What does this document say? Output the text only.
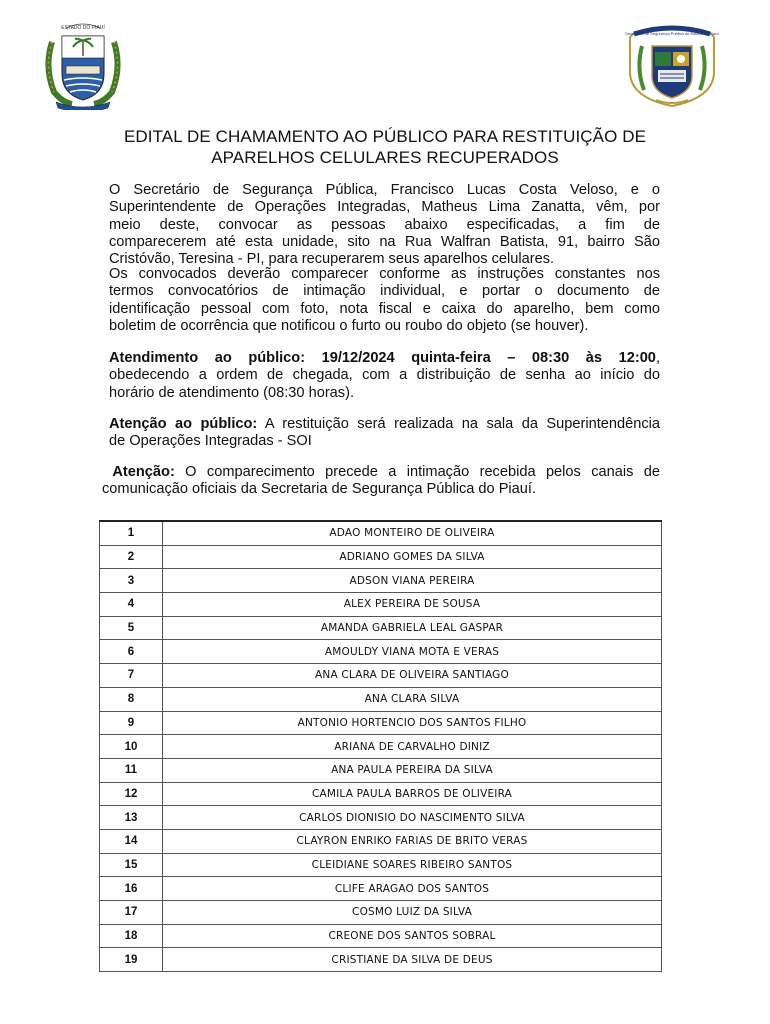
ESTADO DO PIAUÍ
Secretaria de Segurança Pública do Estado do Piauí
EDITAL DE CHAMAMENTO AO PÚBLICO PARA RESTITUIÇÃO DE
APARELHOS CELULARES RECUPERADOS
O Secretário de Segurança Pública, Francisco Lucas Costa Veloso, e o
Superintendente de Operações Integradas, Matheus Lima Zanatta, vêm, por
meio deste, convocar as pessoas abaixo especificadas, a fim de
comparecerem até esta unidade, sito na Rua Walfran Batista, 91, bairro São
Cristóvão, Teresina - PI, para recuperarem seus aparelhos celulares.
Os convocados deverão comparecer conforme as instruções constantes nos
termos convocatórios de intimação individual, e portar o documento de
identificação pessoal com foto, nota fiscal e caixa do aparelho, bem como
boletim de ocorrência que notificou o furto ou roubo do objeto (se houver).
Atendimento ao público: 19/12/2024 quinta-feira – 08:30 às 12:00,
obedecendo a ordem de chegada, com a distribuição de senha ao início do
horário de atendimento (08:30 horas).
Atenção ao público: A restituição será realizada na sala da Superintendência
de Operações Integradas - SOI
Atenção: O comparecimento precede a intimação recebida pelos canais de
comunicação oficiais da Secretaria de Segurança Pública do Piauí.
1	ADAO MONTEIRO DE OLIVEIRA
2	ADRIANO GOMES DA SILVA
3	ADSON VIANA PEREIRA
4	ALEX PEREIRA DE SOUSA
5	AMANDA GABRIELA LEAL GASPAR
6	AMOULDY VIANA MOTA E VERAS
7	ANA CLARA DE OLIVEIRA SANTIAGO
8	ANA CLARA SILVA
9	ANTONIO HORTENCIO DOS SANTOS FILHO
10	ARIANA DE CARVALHO DINIZ
11	ANA PAULA PEREIRA DA SILVA
12	CAMILA PAULA BARROS DE OLIVEIRA
13	CARLOS DIONISIO DO NASCIMENTO SILVA
14	CLAYRON ENRIKO FARIAS DE BRITO VERAS
15	CLEIDIANE SOARES RIBEIRO SANTOS
16	CLIFE ARAGAO DOS SANTOS
17	COSMO LUIZ DA SILVA
18	CREONE DOS SANTOS SOBRAL
19	CRISTIANE DA SILVA DE DEUS
